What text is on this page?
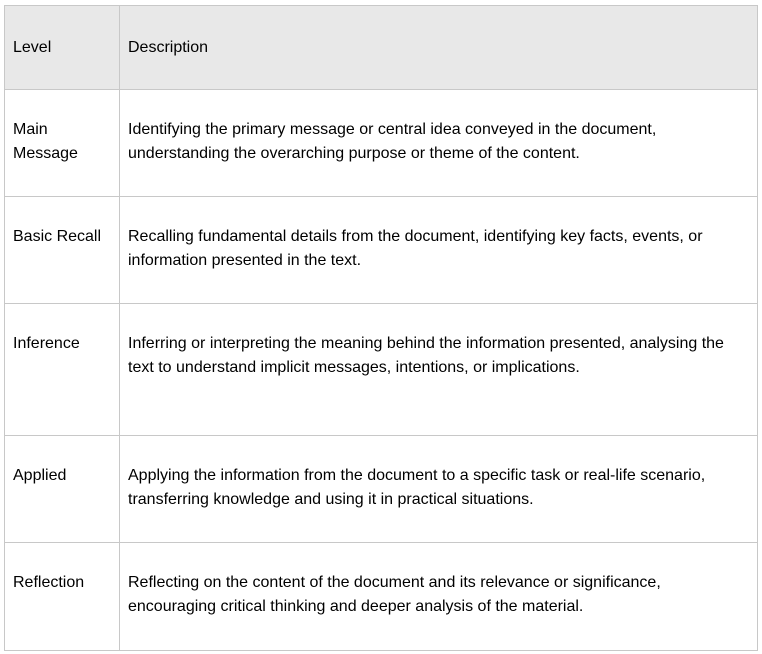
Level	Description
Main Message	Identifying the primary message or central idea conveyed in the document, understanding the overarching purpose or theme of the content.
Basic Recall	Recalling fundamental details from the document, identifying key facts, events, or information presented in the text.
Inference	Inferring or interpreting the meaning behind the information presented, analysing the text to understand implicit messages, intentions, or implications.
Applied	Applying the information from the document to a specific task or real-life scenario, transferring knowledge and using it in practical situations.
Reflection	Reflecting on the content of the document and its relevance or significance, encouraging critical thinking and deeper analysis of the material.
